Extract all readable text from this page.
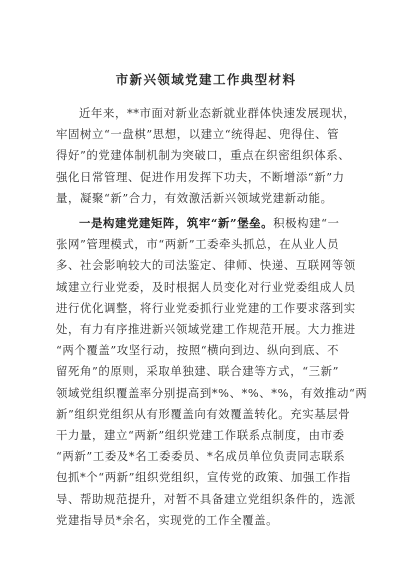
市新兴领域党建工作典型材料

近年来，**市面对新业态新就业群体快速发展现状，
牢固树立“一盘棋”思想，以建立“统得起、兜得住、管
得好”的党建体制机制为突破口，重点在织密组织体系、
强化日常管理、促进作用发挥下功夫，不断增添“新”力
量，凝聚“新”合力，有效激活新兴领域党建新动能。

一是构建党建矩阵，筑牢“新”堡垒。积极构建“一
张网”管理模式，市“两新”工委牵头抓总，在从业人员
多、社会影响较大的司法鉴定、律师、快递、互联网等领
域建立行业党委，及时根据人员变化对行业党委组成人员
进行优化调整，将行业党委抓行业党建的工作要求落到实
处，有力有序推进新兴领域党建工作规范开展。大力推进
“两个覆盖”攻坚行动，按照“横向到边、纵向到底、不
留死角”的原则，采取单独建、联合建等方式，“三新”
领域党组织覆盖率分别提高到*%、*%、*%，有效推动“两
新”组织党组织从有形覆盖向有效覆盖转化。充实基层骨
干力量，建立“两新”组织党建工作联系点制度，由市委
“两新”工委及*名工委委员、*名成员单位负责同志联系
包抓*个“两新”组织党组织，宣传党的政策、加强工作指
导、帮助规范提升，对暂不具备建立党组织条件的，选派
党建指导员*余名，实现党的工作全覆盖。
